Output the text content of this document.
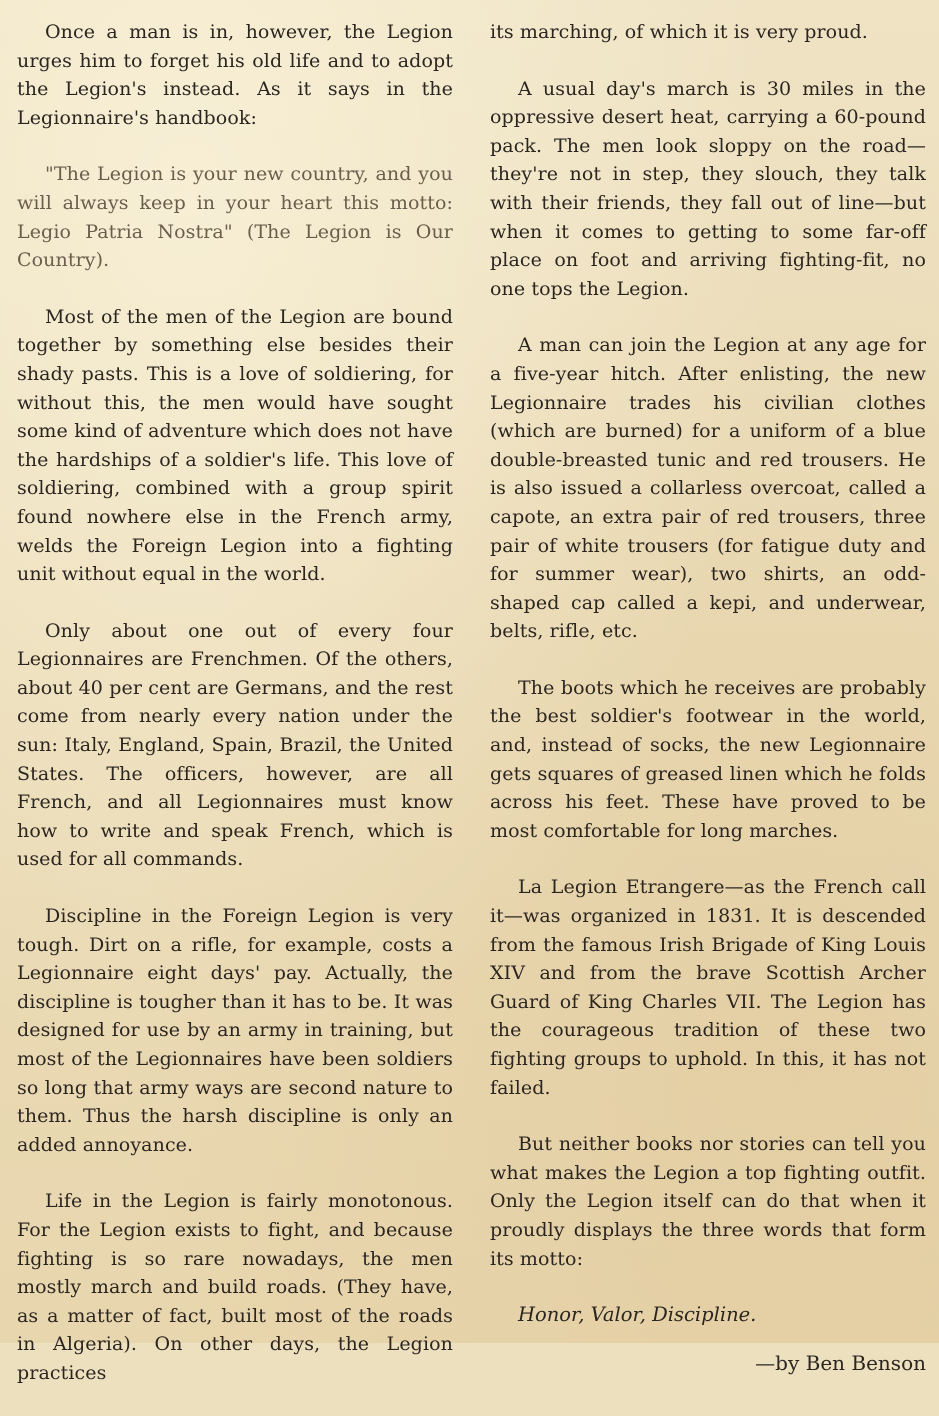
Once a man is in, however, the Legion urges him to forget his old life and to adopt the Legion's instead. As it says in the Legionnaire's handbook:

"The Legion is your new country, and you will always keep in your heart this motto: Legio Patria Nostra" (The Legion is Our Country).

Most of the men of the Legion are bound together by something else besides their shady pasts. This is a love of soldiering, for without this, the men would have sought some kind of adventure which does not have the hardships of a soldier's life. This love of soldiering, combined with a group spirit found nowhere else in the French army, welds the Foreign Legion into a fighting unit without equal in the world.

Only about one out of every four Legionnaires are Frenchmen. Of the others, about 40 per cent are Germans, and the rest come from nearly every nation under the sun: Italy, England, Spain, Brazil, the United States. The officers, however, are all French, and all Legionnaires must know how to write and speak French, which is used for all commands.

Discipline in the Foreign Legion is very tough. Dirt on a rifle, for example, costs a Legionnaire eight days' pay. Actually, the discipline is tougher than it has to be. It was designed for use by an army in training, but most of the Legionnaires have been soldiers so long that army ways are second nature to them. Thus the harsh discipline is only an added annoyance.

Life in the Legion is fairly monotonous. For the Legion exists to fight, and because fighting is so rare nowadays, the men mostly march and build roads. (They have, as a matter of fact, built most of the roads in Algeria). On other days, the Legion practices

its marching, of which it is very proud.

A usual day's march is 30 miles in the oppressive desert heat, carrying a 60-pound pack. The men look sloppy on the road—they're not in step, they slouch, they talk with their friends, they fall out of line—but when it comes to getting to some far-off place on foot and arriving fighting-fit, no one tops the Legion.

A man can join the Legion at any age for a five-year hitch. After enlisting, the new Legionnaire trades his civilian clothes (which are burned) for a uniform of a blue double-breasted tunic and red trousers. He is also issued a collarless overcoat, called a capote, an extra pair of red trousers, three pair of white trousers (for fatigue duty and for summer wear), two shirts, an odd-shaped cap called a kepi, and underwear, belts, rifle, etc.

The boots which he receives are probably the best soldier's footwear in the world, and, instead of socks, the new Legionnaire gets squares of greased linen which he folds across his feet. These have proved to be most comfortable for long marches.

La Legion Etrangere—as the French call it—was organized in 1831. It is descended from the famous Irish Brigade of King Louis XIV and from the brave Scottish Archer Guard of King Charles VII. The Legion has the courageous tradition of these two fighting groups to uphold. In this, it has not failed.

But neither books nor stories can tell you what makes the Legion a top fighting outfit. Only the Legion itself can do that when it proudly displays the three words that form its motto:

Honor, Valor, Discipline.

—by Ben Benson
